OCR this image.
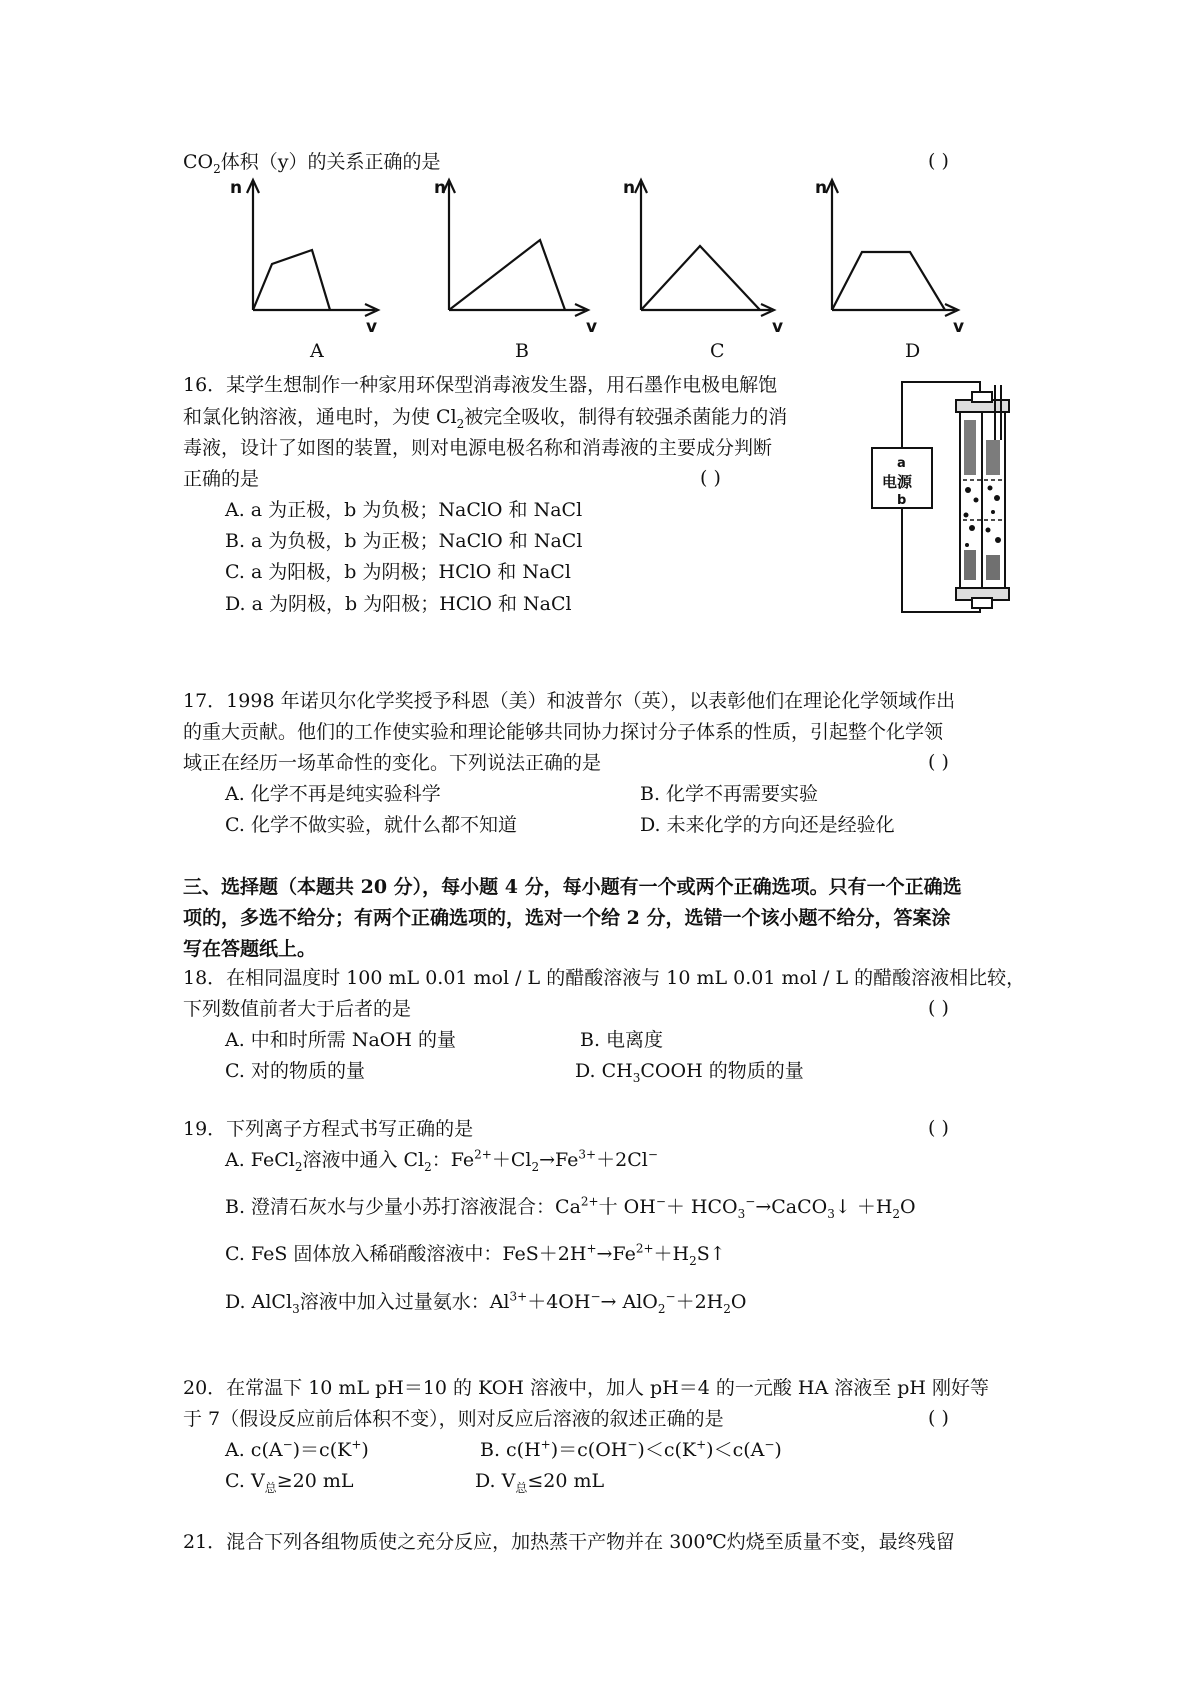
$CO_2$体积（y）的关系正确的是	( )
n
v
n
v
n
v
n
v
A	B	C	D
16．某学生想制作一种家用环保型消毒液发生器，用石墨作电极电解饱
和氯化钠溶液，通电时，为使 $Cl_2$被完全吸收，制得有较强杀菌能力的消
毒液，设计了如图的装置，则对电源电极名称和消毒液的主要成分判断
正确的是	( )
A. a 为正极，b 为负极；NaClO 和 NaCl
B. a 为负极，b 为正极；NaClO 和 NaCl
C. a 为阳极，b 为阴极；HClO 和 NaCl
D. a 为阴极，b 为阳极；HClO 和 NaCl
a
电源
b
17．1998 年诺贝尔化学奖授予科恩（美）和波普尔（英），以表彰他们在理论化学领域作出
的重大贡献。他们的工作使实验和理论能够共同协力探讨分子体系的性质，引起整个化学领
域正在经历一场革命性的变化。下列说法正确的是	( )
A. 化学不再是纯实验科学	B. 化学不再需要实验
C. 化学不做实验，就什么都不知道	D. 未来化学的方向还是经验化
三、选择题（本题共 20 分），每小题 4 分，每小题有一个或两个正确选项。只有一个正确选
项的，多选不给分；有两个正确选项的，选对一个给 2 分，选错一个该小题不给分，答案涂
写在答题纸上。
18．在相同温度时 100 mL 0.01 mol / L 的醋酸溶液与 10 mL 0.01 mol / L 的醋酸溶液相比较，
下列数值前者大于后者的是	( )
A. 中和时所需 NaOH 的量	B. 电离度
C. 对的物质的量	D. $CH_3COOH$ 的物质的量
19．下列离子方程式书写正确的是	( )
A. FeCl$_2$溶液中通入 $Cl_2$：$Fe^{2+}+Cl_2\to Fe^{3+}+2Cl^-$
B. 澄清石灰水与少量小苏打溶液混合：$Ca^{2+}$十 $OH^-+ HCO_3^-\to CaCO_3↓ +H_2O$
C. FeS 固体放入稀硝酸溶液中：$FeS+2H^+\to Fe^{2+}+H_2S↑$
D. AlCl$_3$溶液中加入过量氨水：$Al^{3+}+4OH^-\to AlO_2^-+2H_2O$
20．在常温下 10 mL pH＝10 的 KOH 溶液中，加人 pH＝4 的一元酸 HA 溶液至 pH 刚好等
于 7（假设反应前后体积不变），则对反应后溶液的叙述正确的是	( )
A. c(A−)＝c(K+)	B. c(H+)＝c(OH−)＜c(K+)＜c(A−)
C. $V_总\ge 20$ mL	D. $V_总\le 20$ mL
21．混合下列各组物质使之充分反应，加热蒸干产物并在 300℃灼烧至质量不变，最终残留
